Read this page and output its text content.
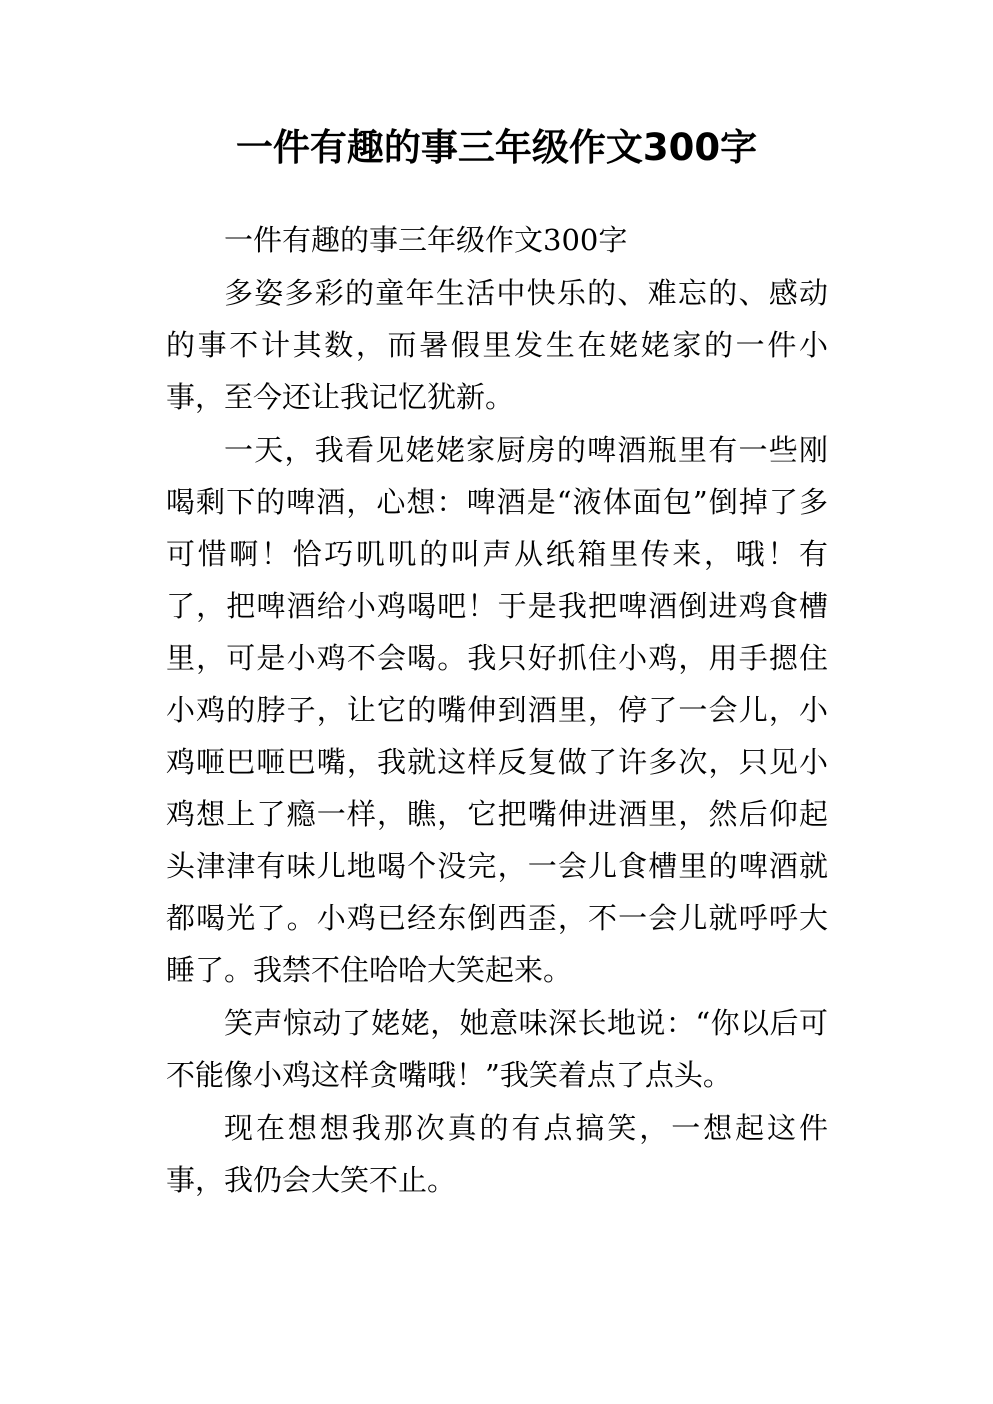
一件有趣的事三年级作文300字

一件有趣的事三年级作文300字

多姿多彩的童年生活中快乐的、难忘的、感动的事不计其数，而暑假里发生在姥姥家的一件小事，至今还让我记忆犹新。

一天，我看见姥姥家厨房的啤酒瓶里有一些刚喝剩下的啤酒，心想：啤酒是“液体面包”倒掉了多可惜啊！恰巧叽叽的叫声从纸箱里传来，哦！有了，把啤酒给小鸡喝吧！于是我把啤酒倒进鸡食槽里，可是小鸡不会喝。我只好抓住小鸡，用手摁住小鸡的脖子，让它的嘴伸到酒里，停了一会儿，小鸡咂巴咂巴嘴，我就这样反复做了许多次，只见小鸡想上了瘾一样，瞧，它把嘴伸进酒里，然后仰起头津津有味儿地喝个没完，一会儿食槽里的啤酒就都喝光了。小鸡已经东倒西歪，不一会儿就呼呼大睡了。我禁不住哈哈大笑起来。

笑声惊动了姥姥，她意味深长地说：“你以后可不能像小鸡这样贪嘴哦！”我笑着点了点头。

现在想想我那次真的有点搞笑，一想起这件事，我仍会大笑不止。
